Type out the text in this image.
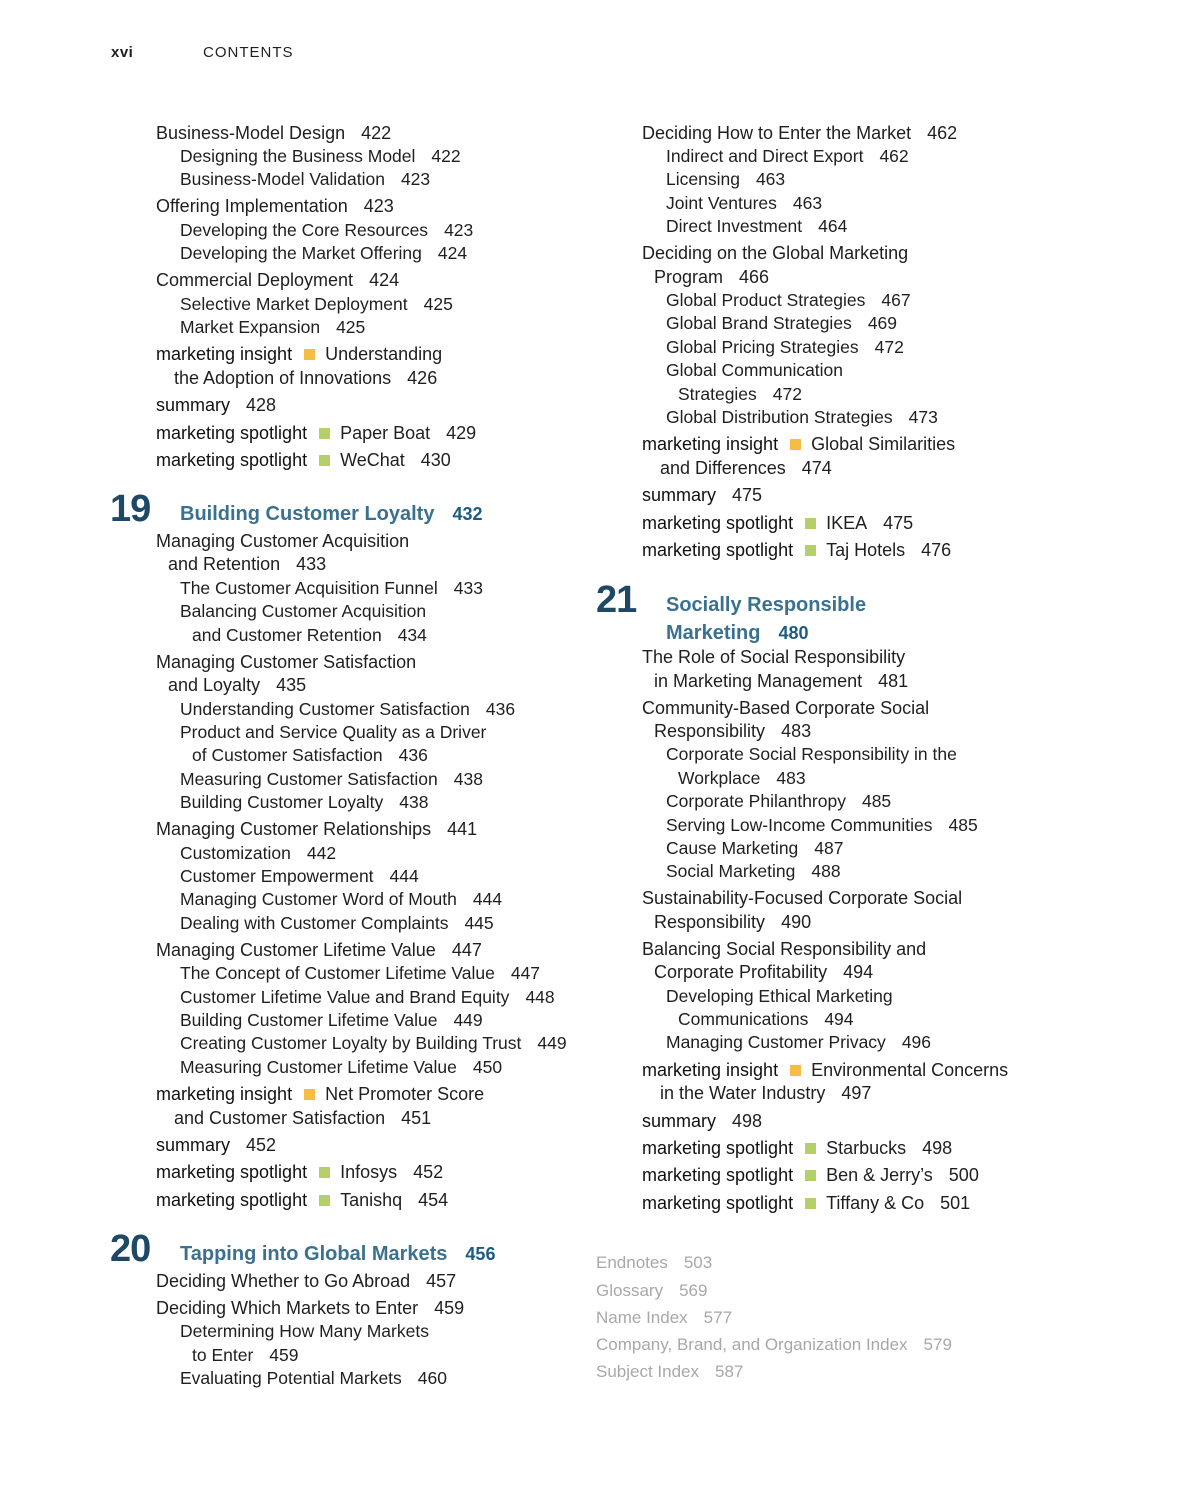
xvi	CONTENTS
Business-Model Design 422
Designing the Business Model 422
Business-Model Validation 423
Offering Implementation 423
Developing the Core Resources 423
Developing the Market Offering 424
Commercial Deployment 424
Selective Market Deployment 425
Market Expansion 425
marketing insight Understanding
the Adoption of Innovations 426
summary 428
marketing spotlight Paper Boat 429
marketing spotlight WeChat 430
19 Building Customer Loyalty 432
Managing Customer Acquisition
and Retention 433
The Customer Acquisition Funnel 433
Balancing Customer Acquisition
and Customer Retention 434
Managing Customer Satisfaction
and Loyalty 435
Understanding Customer Satisfaction 436
Product and Service Quality as a Driver
of Customer Satisfaction 436
Measuring Customer Satisfaction 438
Building Customer Loyalty 438
Managing Customer Relationships 441
Customization 442
Customer Empowerment 444
Managing Customer Word of Mouth 444
Dealing with Customer Complaints 445
Managing Customer Lifetime Value 447
The Concept of Customer Lifetime Value 447
Customer Lifetime Value and Brand Equity 448
Building Customer Lifetime Value 449
Creating Customer Loyalty by Building Trust 449
Measuring Customer Lifetime Value 450
marketing insight Net Promoter Score
and Customer Satisfaction 451
summary 452
marketing spotlight Infosys 452
marketing spotlight Tanishq 454
20 Tapping into Global Markets 456
Deciding Whether to Go Abroad 457
Deciding Which Markets to Enter 459
Determining How Many Markets
to Enter 459
Evaluating Potential Markets 460
Deciding How to Enter the Market 462
Indirect and Direct Export 462
Licensing 463
Joint Ventures 463
Direct Investment 464
Deciding on the Global Marketing
Program 466
Global Product Strategies 467
Global Brand Strategies 469
Global Pricing Strategies 472
Global Communication
Strategies 472
Global Distribution Strategies 473
marketing insight Global Similarities
and Differences 474
summary 475
marketing spotlight IKEA 475
marketing spotlight Taj Hotels 476
21 Socially Responsible
Marketing 480
The Role of Social Responsibility
in Marketing Management 481
Community-Based Corporate Social
Responsibility 483
Corporate Social Responsibility in the
Workplace 483
Corporate Philanthropy 485
Serving Low-Income Communities 485
Cause Marketing 487
Social Marketing 488
Sustainability-Focused Corporate Social
Responsibility 490
Balancing Social Responsibility and
Corporate Profitability 494
Developing Ethical Marketing
Communications 494
Managing Customer Privacy 496
marketing insight Environmental Concerns
in the Water Industry 497
summary 498
marketing spotlight Starbucks 498
marketing spotlight Ben & Jerry’s 500
marketing spotlight Tiffany & Co 501
Endnotes 503
Glossary 569
Name Index 577
Company, Brand, and Organization Index 579
Subject Index 587
